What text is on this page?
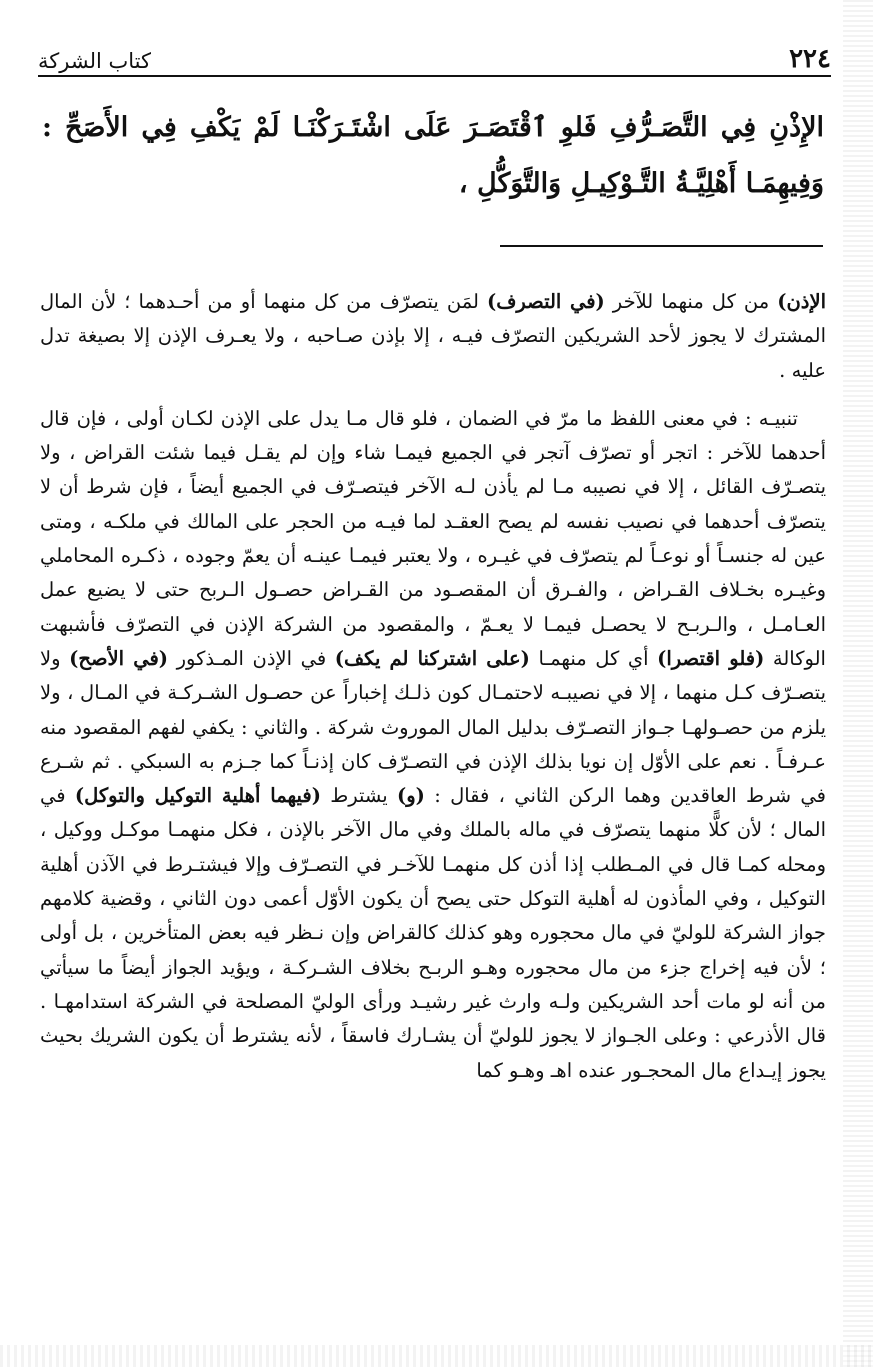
٢٢٤
كتاب الشركة
الإِذْنِ فِي التَّصَـرُّفِ فَلوِ ٱقْتَصَـرَ عَلَى اشْتَـرَكْنَـا لَمْ يَكْفِ فِي الأَصَحِّ : وَفِيهِمَـا أَهْلِيَّـةُ التَّـوْكِيـلِ وَالتَّوَكُّلِ ،

الإذن) من كل منهما للآخر (في التصرف) لمَن يتصرّف من كل منهما أو من أحـدهما ؛ لأن المال المشترك لا يجوز لأحد الشريكين التصرّف فيـه ، إلا بإذن صـاحبه ، ولا يعـرف الإذن إلا بصيغة تدل عليه .

تنبيـه : في معنى اللفظ ما مرّ في الضمان ، فلو قال مـا يدل على الإذن لكـان أولى ، فإن قال أحدهما للآخر : اتجر أو تصرّف آتجر في الجميع فيمـا شاء وإن لم يقـل فيما شئت القراض ، ولا يتصـرّف القائل ، إلا في نصيبه مـا لم يأذن لـه الآخر فيتصـرّف في الجميع أيضاً ، فإن شرط أن لا يتصرّف أحدهما في نصيب نفسه لم يصح العقـد لما فيـه من الحجر على المالك في ملكـه ، ومتى عين له جنسـاً أو نوعـاً لم يتصرّف في غيـره ، ولا يعتبر فيمـا عينـه أن يعمّ وجوده ، ذكـره المحاملي وغيـره بخـلاف القـراض ، والفـرق أن المقصـود من القـراض حصـول الـربح حتى لا يضيع عمل العـامـل ، والـربـح لا يحصـل فيمـا لا يعـمّ ، والمقصود من الشركة الإذن في التصرّف فأشبهت الوكالة (فلو اقتصرا) أي كل منهمـا (على اشتركنا لم يكف) في الإذن المـذكور (في الأصح) ولا يتصـرّف كـل منهما ، إلا في نصيبـه لاحتمـال كون ذلـك إخباراً عن حصـول الشـركـة في المـال ، ولا يلزم من حصـولهـا جـواز التصـرّف بدليل المال الموروث شركة . والثاني : يكفي لفهم المقصود منه عـرفـاً . نعم على الأوّل إن نويا بذلك الإذن في التصـرّف كان إذنـاً كما جـزم به السبكي . ثم شـرع في شرط العاقدين وهما الركن الثاني ، فقال : (و) يشترط (فيهما أهلية التوكيل والتوكل) في المال ؛ لأن كلًّا منهما يتصرّف في ماله بالملك وفي مال الآخر بالإذن ، فكل منهمـا موكـل ووكيل ، ومحله كمـا قال في المـطلب إذا أذن كل منهمـا للآخـر في التصـرّف وإلا فيشتـرط في الآذن أهلية التوكيل ، وفي المأذون له أهلية التوكل حتى يصح أن يكون الأوّل أعمى دون الثاني ، وقضية كلامهم جواز الشركة للوليّ في مال محجوره وهو كذلك كالقراض وإن نـظر فيه بعض المتأخرين ، بل أولى ؛ لأن فيه إخراج جزء من مال محجوره وهـو الربـح بخلاف الشـركـة ، ويؤيد الجواز أيضاً ما سيأتي من أنه لو مات أحد الشريكين ولـه وارث غير رشيـد ورأى الوليّ المصلحة في الشركة استدامهـا . قال الأذرعي : وعلى الجـواز لا يجوز للوليّ أن يشـارك فاسقاً ، لأنه يشترط أن يكون الشريك بحيث يجوز إيـداع مال المحجـور عنده اهـ وهـو كما
